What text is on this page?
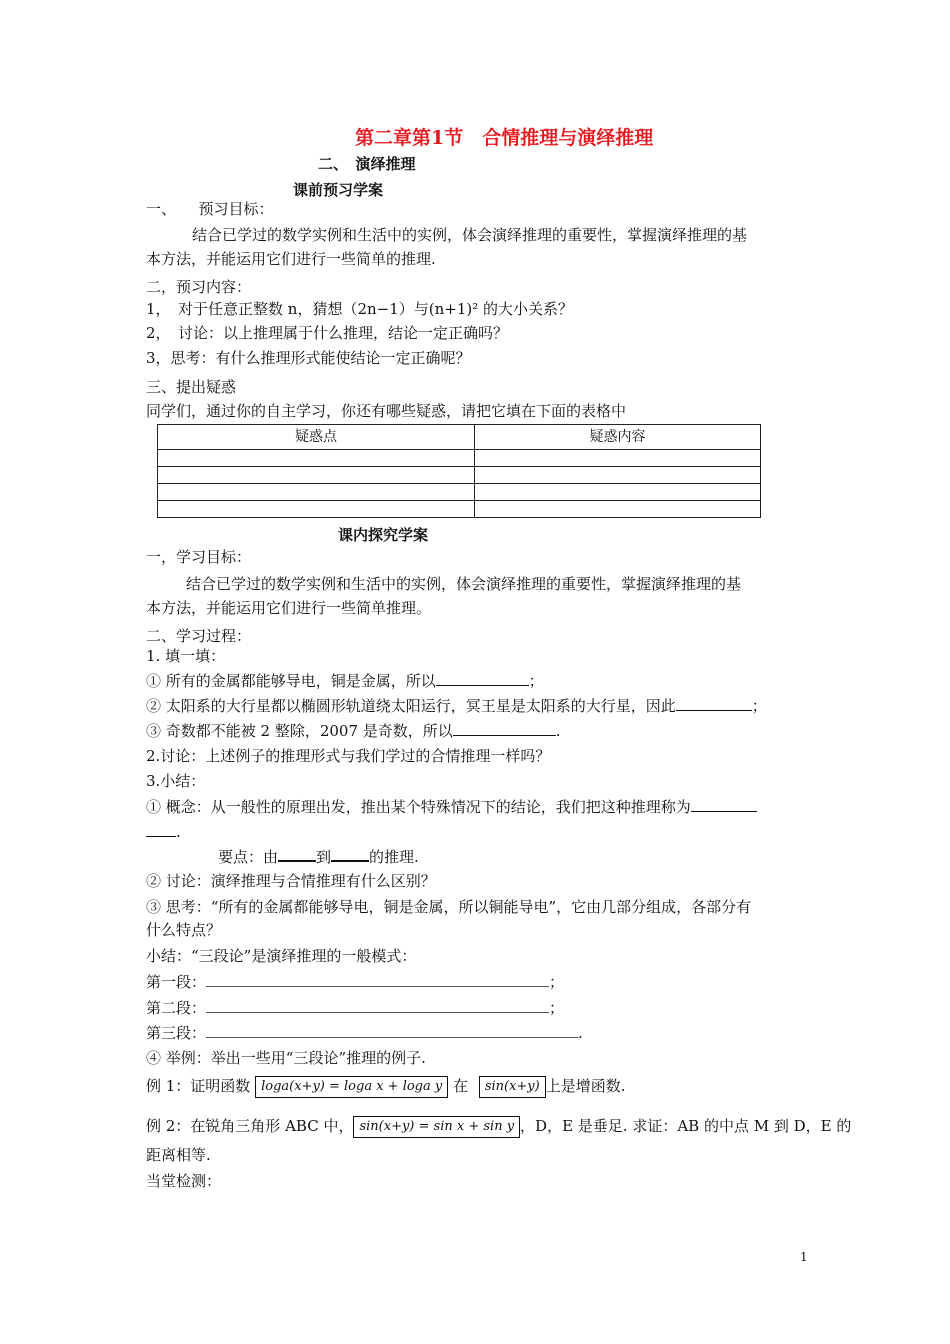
第二章第1节　合情推理与演绎推理
二、　演绎推理
课前预习学案
一、　　预习目标：
结合已学过的数学实例和生活中的实例，体会演绎推理的重要性，掌握演绎推理的基
本方法，并能运用它们进行一些简单的推理.
二，预习内容：
1，　对于任意正整数 n，猜想（2n−1）与(n+1)² 的大小关系？
2，　讨论：以上推理属于什么推理，结论一定正确吗？
3，思考：有什么推理形式能使结论一定正确呢？
三、提出疑惑
同学们，通过你的自主学习，你还有哪些疑惑，请把它填在下面的表格中
疑惑点	疑惑内容

课内探究学案
一，学习目标：
结合已学过的数学实例和生活中的实例，体会演绎推理的重要性，掌握演绎推理的基
本方法，并能运用它们进行一些简单推理。
二、学习过程：
1. 填一填：
① 所有的金属都能够导电，铜是金属，所以	；
② 太阳系的大行星都以椭圆形轨道绕太阳运行，冥王星是太阳系的大行星，因此	；
③ 奇数都不能被 2 整除，2007 是奇数，所以	.
2.讨论：上述例子的推理形式与我们学过的合情推理一样吗？
3.小结：
① 概念：从一般性的原理出发，推出某个特殊情况下的结论，我们把这种推理称为
.
要点：由	到	的推理.
② 讨论：演绎推理与合情推理有什么区别？
③ 思考：“所有的金属都能够导电，铜是金属，所以铜能导电”，它由几部分组成，各部分有
什么特点？
小结：“三段论”是演绎推理的一般模式：
第一段：	；
第二段：	；
第三段：	.
④ 举例：举出一些用“三段论”推理的例子.
例 1：证明函数 loga(x+y) = loga x + loga y 在 sin(x+y) 上是增函数.
例 2：在锐角三角形 ABC 中， sin(x+y) = sin x + sin y ，D，E 是垂足. 求证：AB 的中点 M 到 D，E 的
距离相等.
当堂检测：
1
